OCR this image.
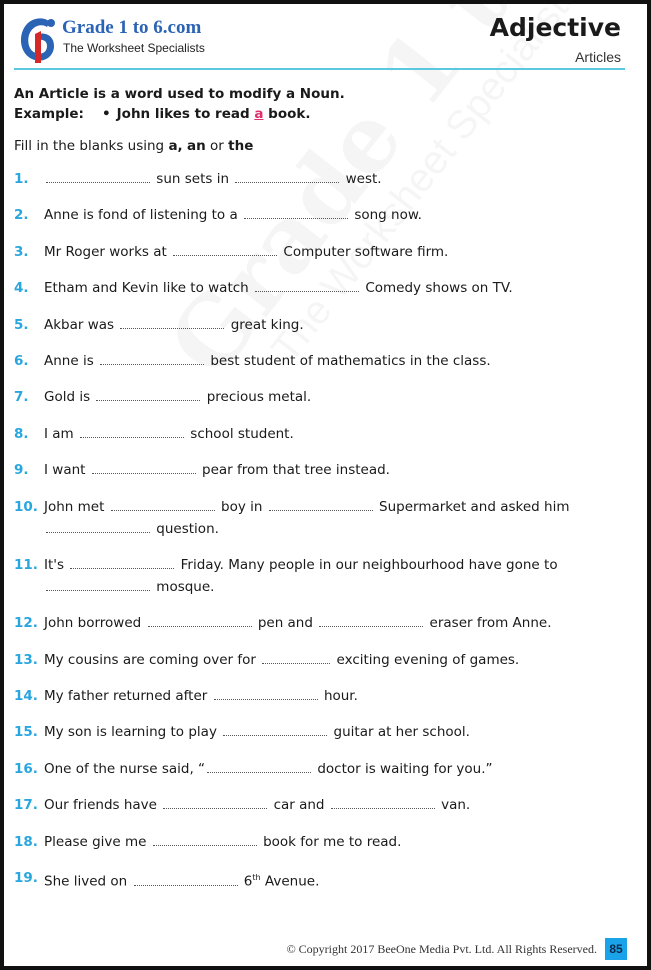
Grade 1 to 6.com
The Worksheet Specialists
Adjective
Articles
An Article is a word used to modify a Noun.
Example: • John likes to read a book.
Fill in the blanks using a, an or the
1.	sun sets in	west.
2. Anne is fond of listening to a	song now.
3. Mr Roger works at	Computer software firm.
4. Etham and Kevin like to watch	Comedy shows on TV.
5. Akbar was	great king.
6. Anne is	best student of mathematics in the class.
7. Gold is	precious metal.
8. I am	school student.
9. I want	pear from that tree instead.
10. John met	boy in	Supermarket and asked him  question.
11. It's	Friday. Many people in our neighbourhood have gone to  mosque.
12. John borrowed	pen and	eraser from Anne.
13. My cousins are coming over for	exciting evening of games.
14. My father returned after	hour.
15. My son is learning to play	guitar at her school.
16. One of the nurse said, “	doctor is waiting for you.”
17. Our friends have	car and	van.
18. Please give me	book for me to read.
19. She lived on	6th Avenue.
© Copyright 2017 BeeOne Media Pvt. Ltd. All Rights Reserved.	85
